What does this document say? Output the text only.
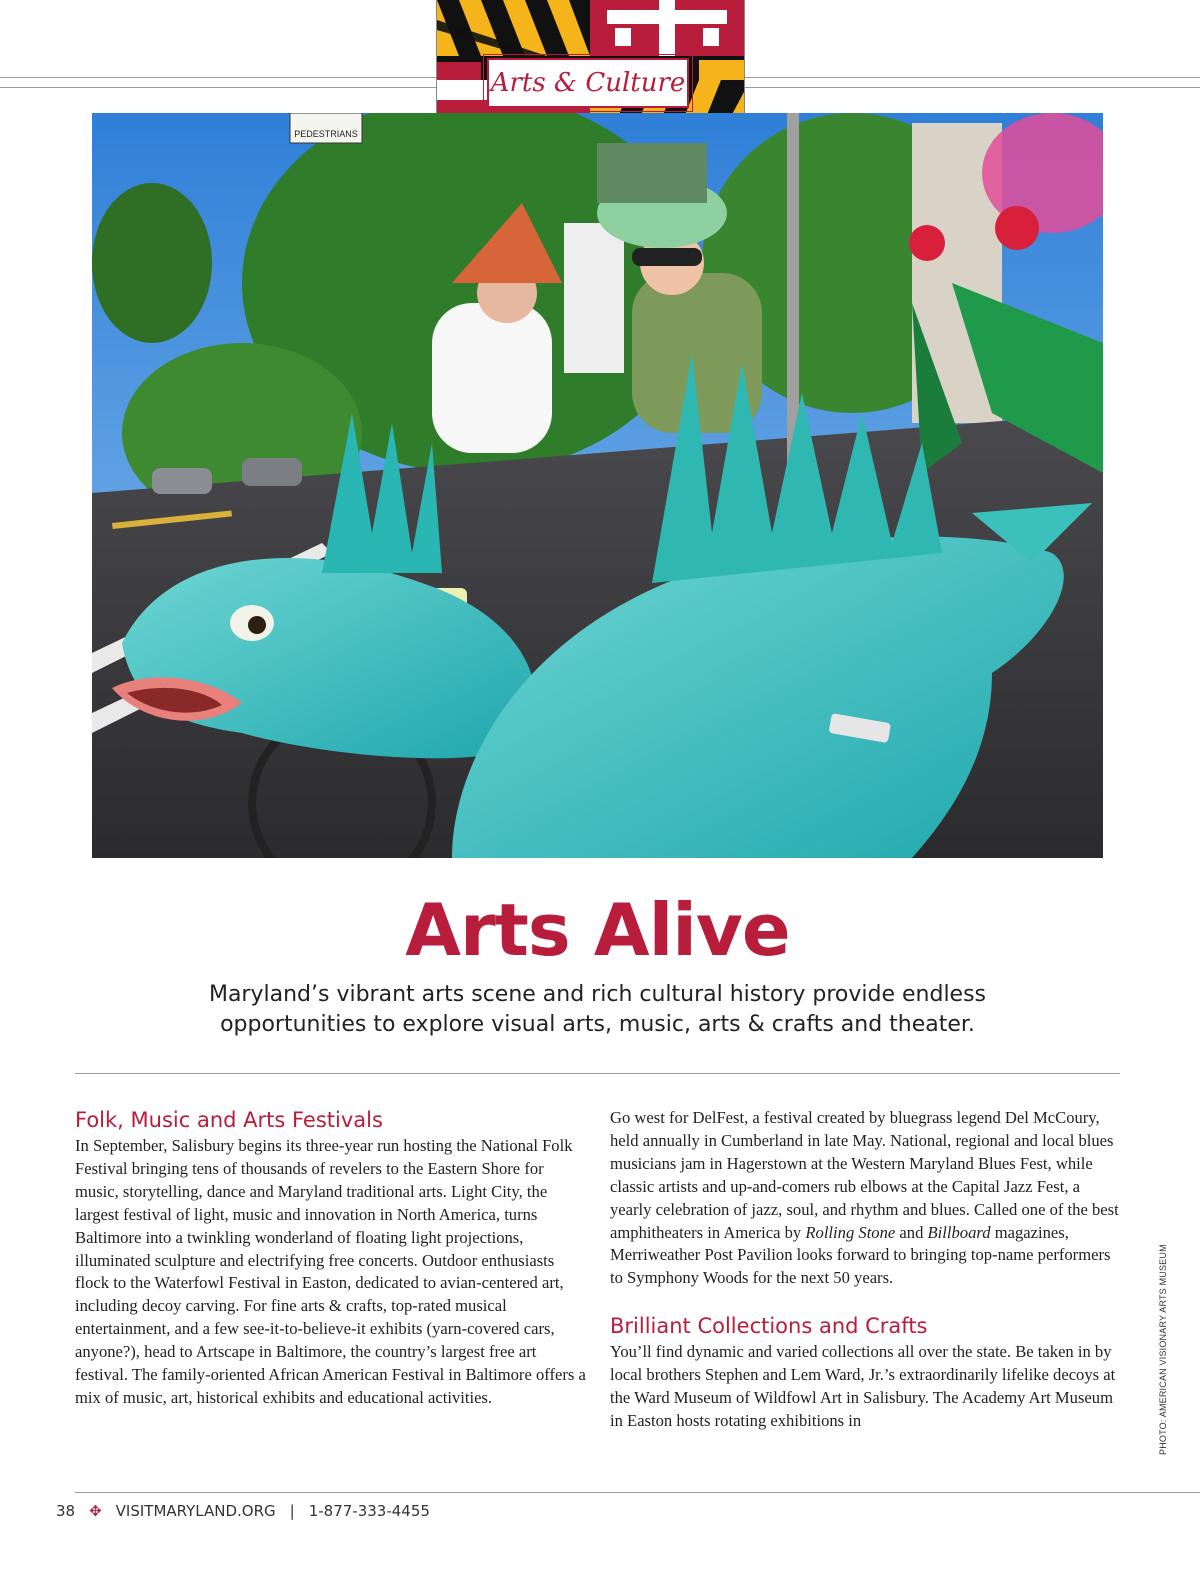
Arts & Culture
PEDESTRIANS
Arts Alive

Maryland’s vibrant arts scene and rich cultural history provide endless
opportunities to explore visual arts, music, arts & crafts and theater.

Folk, Music and Arts Festivals

In September, Salisbury begins its three-year run hosting the National Folk Festival bringing tens of thousands of revelers to the Eastern Shore for music, storytelling, dance and Maryland traditional arts. Light City, the largest festival of light, music and innovation in North America, turns Baltimore into a twinkling wonderland of floating light projections, illuminated sculpture and electrifying free concerts. Outdoor enthusiasts flock to the Waterfowl Festival in Easton, dedicated to avian-centered art, including decoy carving. For fine arts & crafts, top-rated musical entertainment, and a few see-it-to-believe-it exhibits (yarn-covered cars, anyone?), head to Artscape in Baltimore, the country’s largest free art festival. The family-oriented African American Festival in Baltimore offers a mix of music, art, historical exhibits and educational activities.

Go west for DelFest, a festival created by bluegrass legend Del McCoury, held annually in Cumberland in late May. National, regional and local blues musicians jam in Hagerstown at the Western Maryland Blues Fest, while classic artists and up-and-comers rub elbows at the Capital Jazz Fest, a yearly celebration of jazz, soul, and rhythm and blues. Called one of the best amphitheaters in America by Rolling Stone and Billboard magazines, Merriweather Post Pavilion looks forward to bringing top-name performers to Symphony Woods for the next 50 years.

Brilliant Collections and Crafts

You’ll find dynamic and varied collections all over the state. Be taken in by local brothers Stephen and Lem Ward, Jr.’s extraordinarily lifelike decoys at the Ward Museum of Wildfowl Art in Salisbury. The Academy Art Museum in Easton hosts rotating exhibitions in	PHOTO: AMERICAN VISIONARY ARTS MUSEUM
38 ✥ VISITMARYLAND.ORG | 1-877-333-4455
